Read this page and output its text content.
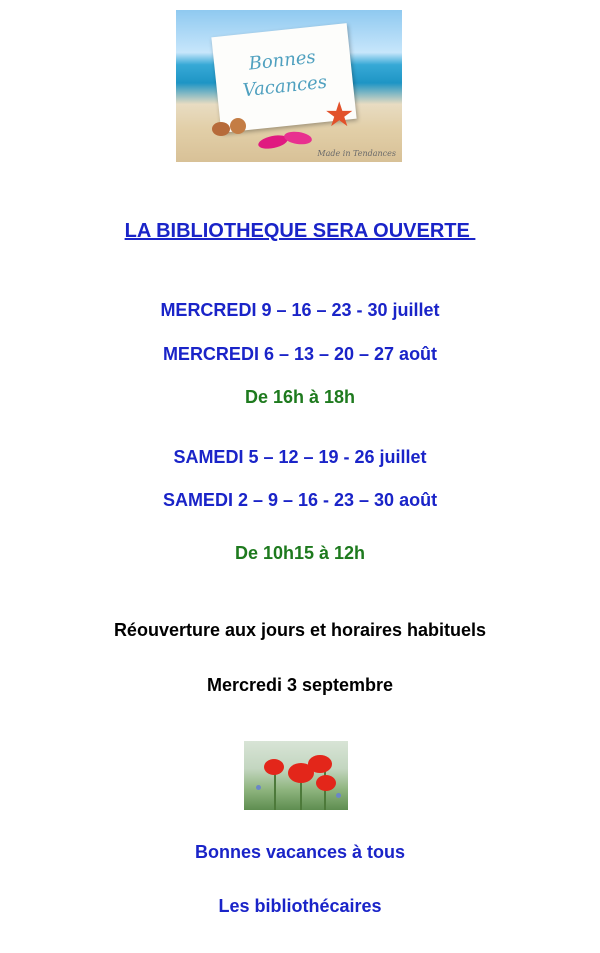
Bonnes
Vacances
★
Made in Tendances
LA BIBLIOTHEQUE SERA OUVERTE
MERCREDI 9 – 16 – 23 - 30 juillet
MERCREDI 6 – 13 – 20 – 27 août
De 16h à 18h
SAMEDI 5 – 12 – 19 - 26 juillet
SAMEDI 2 – 9 – 16 - 23 – 30 août
De 10h15 à 12h
Réouverture aux jours et horaires habituels
Mercredi 3 septembre
Bonnes vacances à tous
Les bibliothécaires
